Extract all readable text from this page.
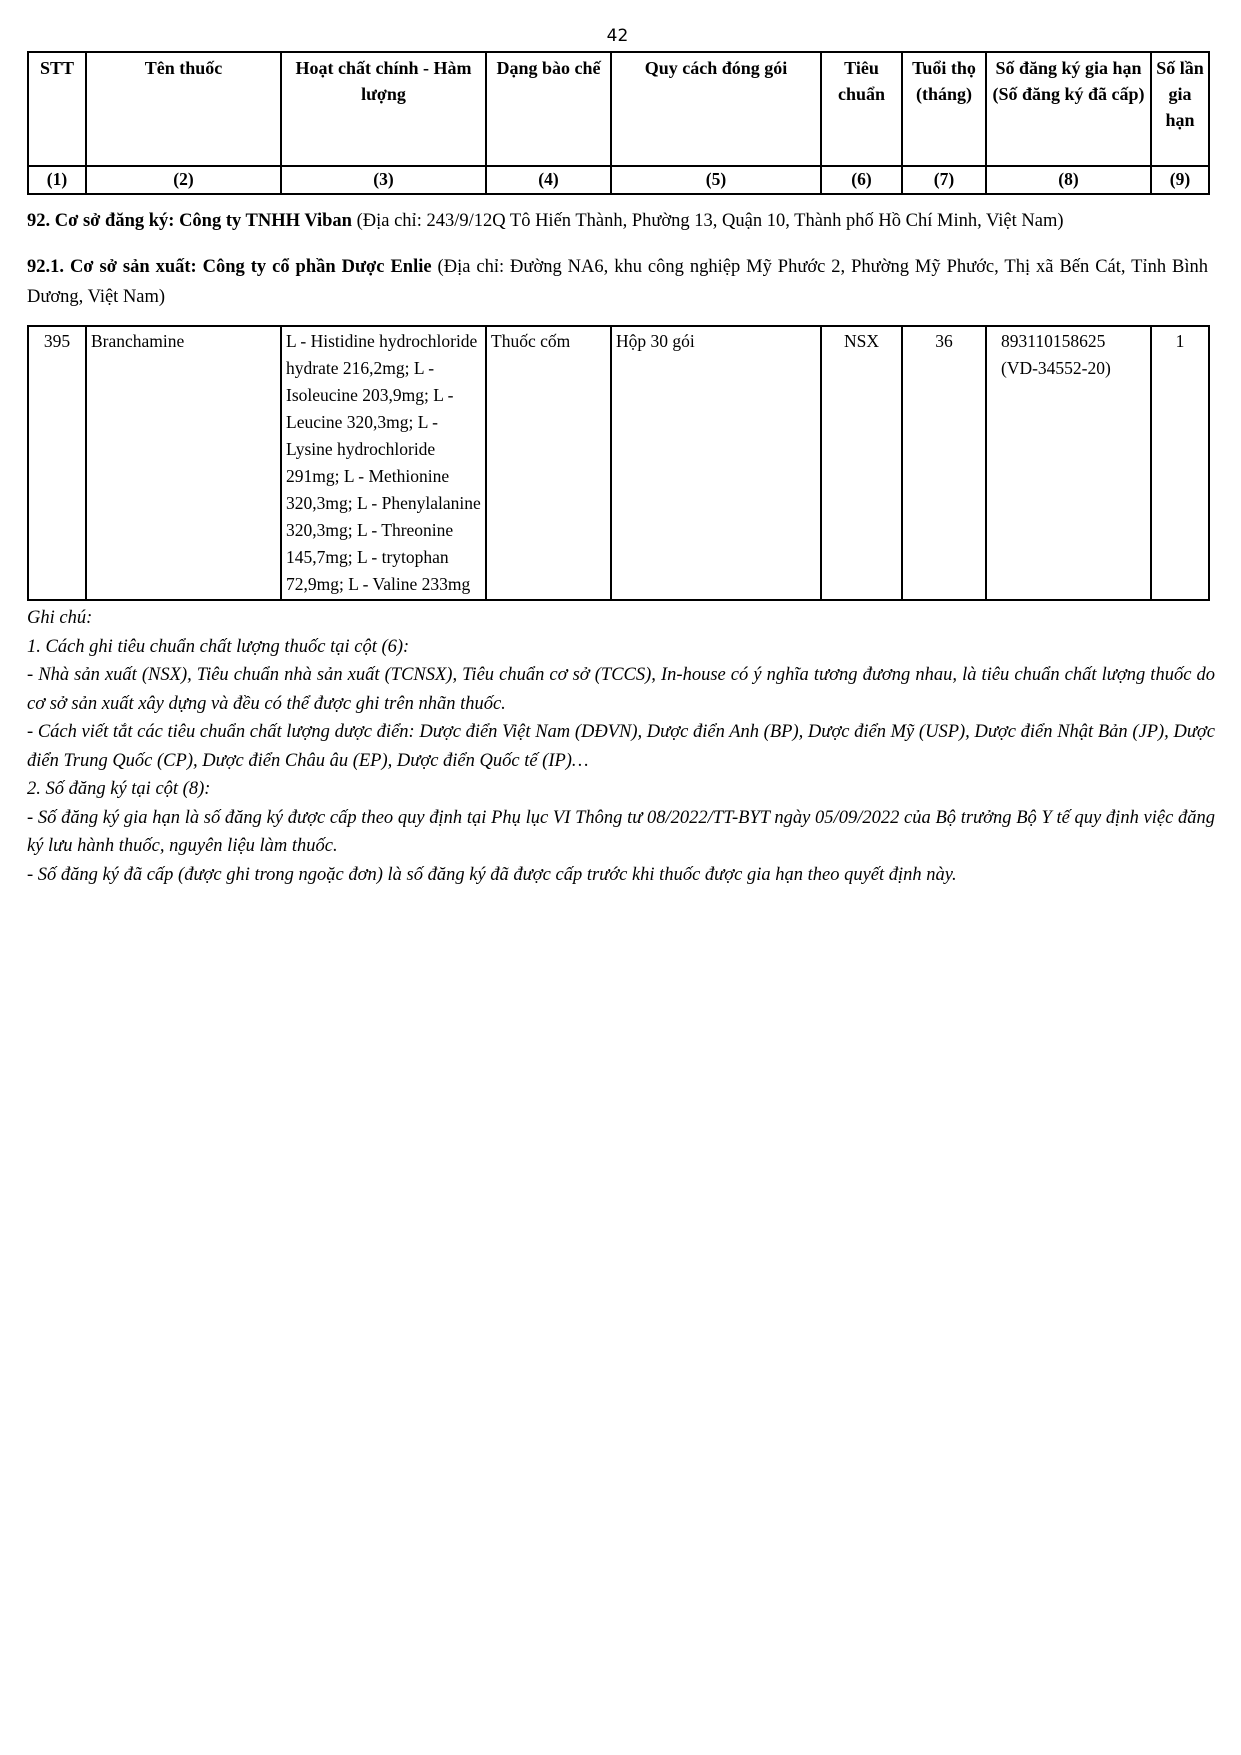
42
STT	Tên thuốc	Hoạt chất chính - Hàm lượng	Dạng bào chế	Quy cách đóng gói	Tiêu chuẩn	Tuổi thọ (tháng)	Số đăng ký gia hạn (Số đăng ký đã cấp)	Số lần gia hạn
(1)	(2)	(3)	(4)	(5)	(6)	(7)	(8)	(9)

92. Cơ sở đăng ký: Công ty TNHH Viban (Địa chỉ: 243/9/12Q Tô Hiến Thành, Phường 13, Quận 10, Thành phố Hồ Chí Minh, Việt Nam)

92.1. Cơ sở sản xuất: Công ty cổ phần Dược Enlie (Địa chỉ: Đường NA6, khu công nghiệp Mỹ Phước 2, Phường Mỹ Phước, Thị xã Bến Cát, Tỉnh Bình Dương, Việt Nam)

395	Branchamine	L - Histidine hydrochloride hydrate 216,2mg; L - Isoleucine 203,9mg; L - Leucine 320,3mg; L - Lysine hydrochloride 291mg; L - Methionine 320,3mg; L - Phenylalanine 320,3mg; L - Threonine 145,7mg; L - trytophan 72,9mg; L - Valine 233mg	Thuốc cốm	Hộp 30 gói	NSX	36	893110158625 (VD-34552-20)	1
Ghi chú:
1. Cách ghi tiêu chuẩn chất lượng thuốc tại cột (6):
- Nhà sản xuất (NSX), Tiêu chuẩn nhà sản xuất (TCNSX), Tiêu chuẩn cơ sở (TCCS), In-house có ý nghĩa tương đương nhau, là tiêu chuẩn chất lượng thuốc do cơ sở sản xuất xây dựng và đều có thể được ghi trên nhãn thuốc.
- Cách viết tắt các tiêu chuẩn chất lượng dược điển: Dược điển Việt Nam (DĐVN), Dược điển Anh (BP), Dược điển Mỹ (USP), Dược điển Nhật Bản (JP), Dược điển Trung Quốc (CP), Dược điển Châu âu (EP), Dược điển Quốc tế (IP)…
2. Số đăng ký tại cột (8):
- Số đăng ký gia hạn là số đăng ký được cấp theo quy định tại Phụ lục VI Thông tư 08/2022/TT-BYT ngày 05/09/2022 của Bộ trưởng Bộ Y tế quy định việc đăng ký lưu hành thuốc, nguyên liệu làm thuốc.
- Số đăng ký đã cấp (được ghi trong ngoặc đơn) là số đăng ký đã được cấp trước khi thuốc được gia hạn theo quyết định này.
